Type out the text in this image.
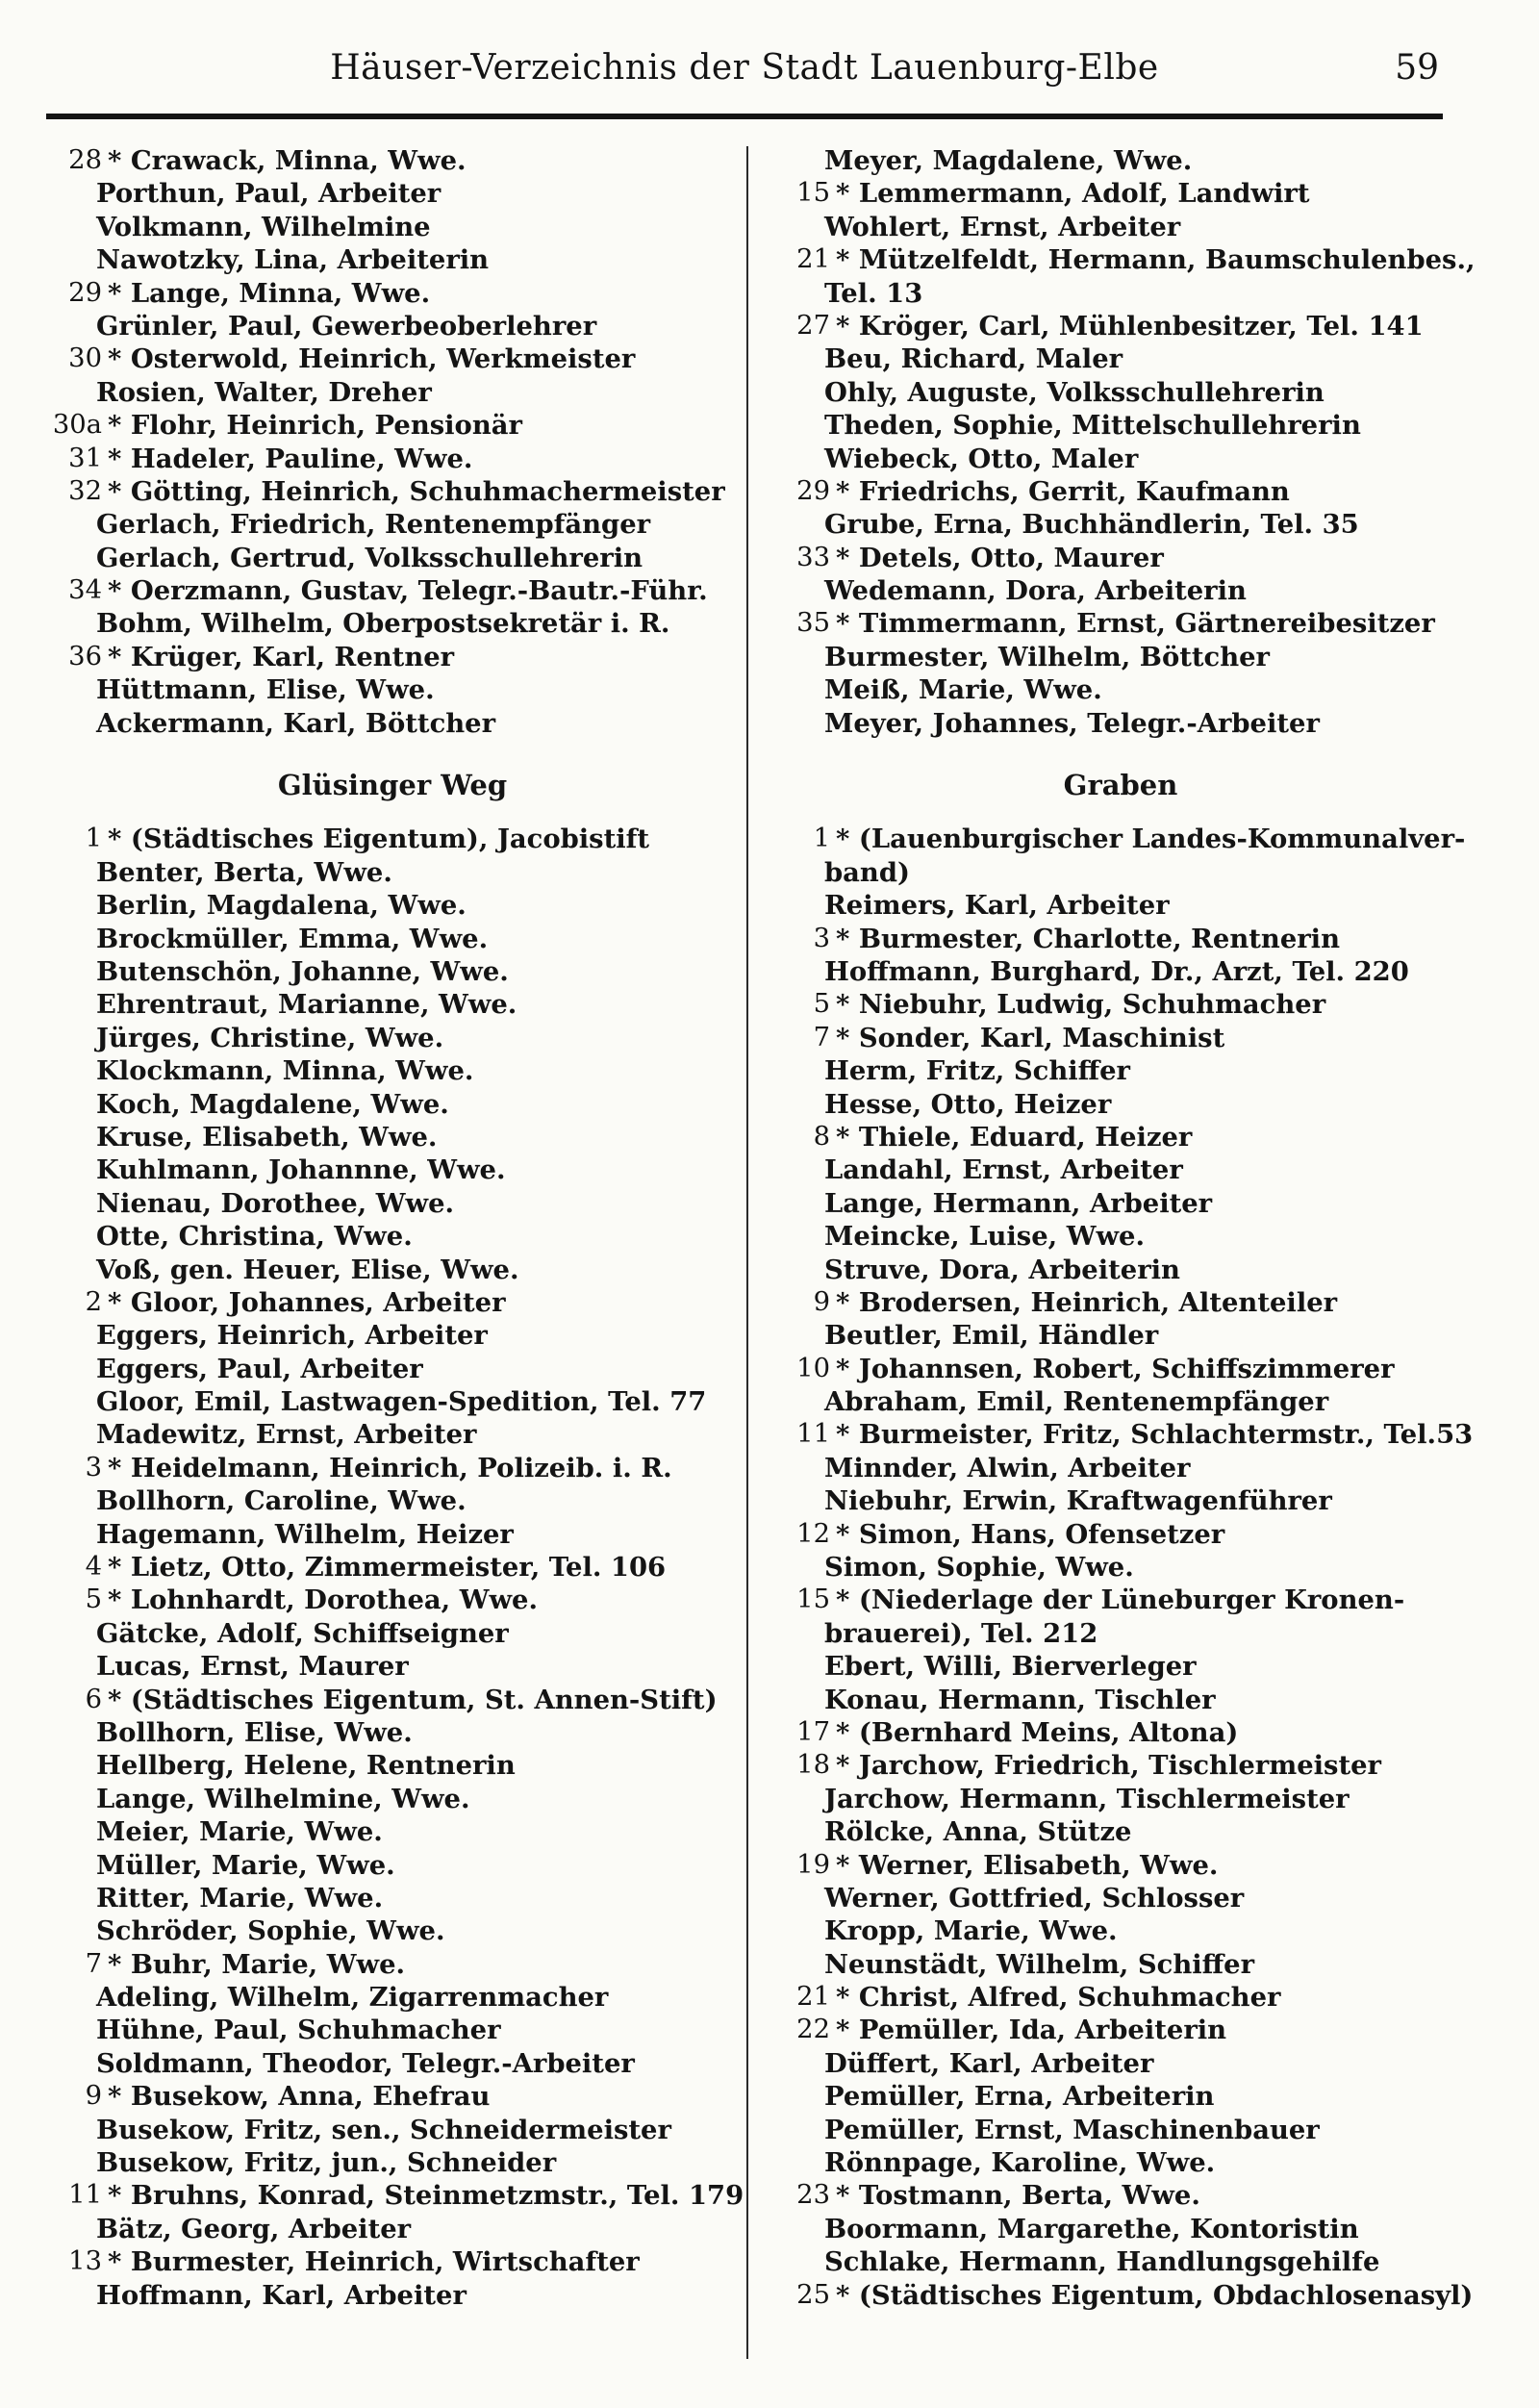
Häuser-Verzeichnis der Stadt Lauenburg-Elbe	59
28 * Crawack, Minna, Wwe.
Porthun, Paul, Arbeiter
Volkmann, Wilhelmine
Nawotzky, Lina, Arbeiterin
29 * Lange, Minna, Wwe.
Grünler, Paul, Gewerbeoberlehrer
30 * Osterwold, Heinrich, Werkmeister
Rosien, Walter, Dreher
30a * Flohr, Heinrich, Pensionär
31 * Hadeler, Pauline, Wwe.
32 * Götting, Heinrich, Schuhmachermeister
Gerlach, Friedrich, Rentenempfänger
Gerlach, Gertrud, Volksschullehrerin
34 * Oerzmann, Gustav, Telegr.-Bautr.-Führ.
Bohm, Wilhelm, Oberpostsekretär i. R.
36 * Krüger, Karl, Rentner
Hüttmann, Elise, Wwe.
Ackermann, Karl, Böttcher
Glüsinger Weg
1 * (Städtisches Eigentum), Jacobistift
Benter, Berta, Wwe.
Berlin, Magdalena, Wwe.
Brockmüller, Emma, Wwe.
Butenschön, Johanne, Wwe.
Ehrentraut, Marianne, Wwe.
Jürges, Christine, Wwe.
Klockmann, Minna, Wwe.
Koch, Magdalene, Wwe.
Kruse, Elisabeth, Wwe.
Kuhlmann, Johannne, Wwe.
Nienau, Dorothee, Wwe.
Otte, Christina, Wwe.
Voß, gen. Heuer, Elise, Wwe.
2 * Gloor, Johannes, Arbeiter
Eggers, Heinrich, Arbeiter
Eggers, Paul, Arbeiter
Gloor, Emil, Lastwagen-Spedition, Tel. 77
Madewitz, Ernst, Arbeiter
3 * Heidelmann, Heinrich, Polizeib. i. R.
Bollhorn, Caroline, Wwe.
Hagemann, Wilhelm, Heizer
4 * Lietz, Otto, Zimmermeister, Tel. 106
5 * Lohnhardt, Dorothea, Wwe.
Gätcke, Adolf, Schiffseigner
Lucas, Ernst, Maurer
6 * (Städtisches Eigentum, St. Annen-Stift)
Bollhorn, Elise, Wwe.
Hellberg, Helene, Rentnerin
Lange, Wilhelmine, Wwe.
Meier, Marie, Wwe.
Müller, Marie, Wwe.
Ritter, Marie, Wwe.
Schröder, Sophie, Wwe.
7 * Buhr, Marie, Wwe.
Adeling, Wilhelm, Zigarrenmacher
Hühne, Paul, Schuhmacher
Soldmann, Theodor, Telegr.-Arbeiter
9 * Busekow, Anna, Ehefrau
Busekow, Fritz, sen., Schneidermeister
Busekow, Fritz, jun., Schneider
11 * Bruhns, Konrad, Steinmetzmstr., Tel. 179
Bätz, Georg, Arbeiter
13 * Burmester, Heinrich, Wirtschafter
Hoffmann, Karl, Arbeiter
Meyer, Magdalene, Wwe.
15 * Lemmermann, Adolf, Landwirt
Wohlert, Ernst, Arbeiter
21 * Mützelfeldt, Hermann, Baumschulenbes.,
Tel. 13
27 * Kröger, Carl, Mühlenbesitzer, Tel. 141
Beu, Richard, Maler
Ohly, Auguste, Volksschullehrerin
Theden, Sophie, Mittelschullehrerin
Wiebeck, Otto, Maler
29 * Friedrichs, Gerrit, Kaufmann
Grube, Erna, Buchhändlerin, Tel. 35
33 * Detels, Otto, Maurer
Wedemann, Dora, Arbeiterin
35 * Timmermann, Ernst, Gärtnereibesitzer
Burmester, Wilhelm, Böttcher
Meiß, Marie, Wwe.
Meyer, Johannes, Telegr.-Arbeiter
Graben
1 * (Lauenburgischer Landes-Kommunalver-
band)
Reimers, Karl, Arbeiter
3 * Burmester, Charlotte, Rentnerin
Hoffmann, Burghard, Dr., Arzt, Tel. 220
5 * Niebuhr, Ludwig, Schuhmacher
7 * Sonder, Karl, Maschinist
Herm, Fritz, Schiffer
Hesse, Otto, Heizer
8 * Thiele, Eduard, Heizer
Landahl, Ernst, Arbeiter
Lange, Hermann, Arbeiter
Meincke, Luise, Wwe.
Struve, Dora, Arbeiterin
9 * Brodersen, Heinrich, Altenteiler
Beutler, Emil, Händler
10 * Johannsen, Robert, Schiffszimmerer
Abraham, Emil, Rentenempfänger
11 * Burmeister, Fritz, Schlachtermstr., Tel.53
Minnder, Alwin, Arbeiter
Niebuhr, Erwin, Kraftwagenführer
12 * Simon, Hans, Ofensetzer
Simon, Sophie, Wwe.
15 * (Niederlage der Lüneburger Kronen-
brauerei), Tel. 212
Ebert, Willi, Bierverleger
Konau, Hermann, Tischler
17 * (Bernhard Meins, Altona)
18 * Jarchow, Friedrich, Tischlermeister
Jarchow, Hermann, Tischlermeister
Rölcke, Anna, Stütze
19 * Werner, Elisabeth, Wwe.
Werner, Gottfried, Schlosser
Kropp, Marie, Wwe.
Neunstädt, Wilhelm, Schiffer
21 * Christ, Alfred, Schuhmacher
22 * Pemüller, Ida, Arbeiterin
Düffert, Karl, Arbeiter
Pemüller, Erna, Arbeiterin
Pemüller, Ernst, Maschinenbauer
Rönnpage, Karoline, Wwe.
23 * Tostmann, Berta, Wwe.
Boormann, Margarethe, Kontoristin
Schlake, Hermann, Handlungsgehilfe
25 * (Städtisches Eigentum, Obdachlosenasyl)
